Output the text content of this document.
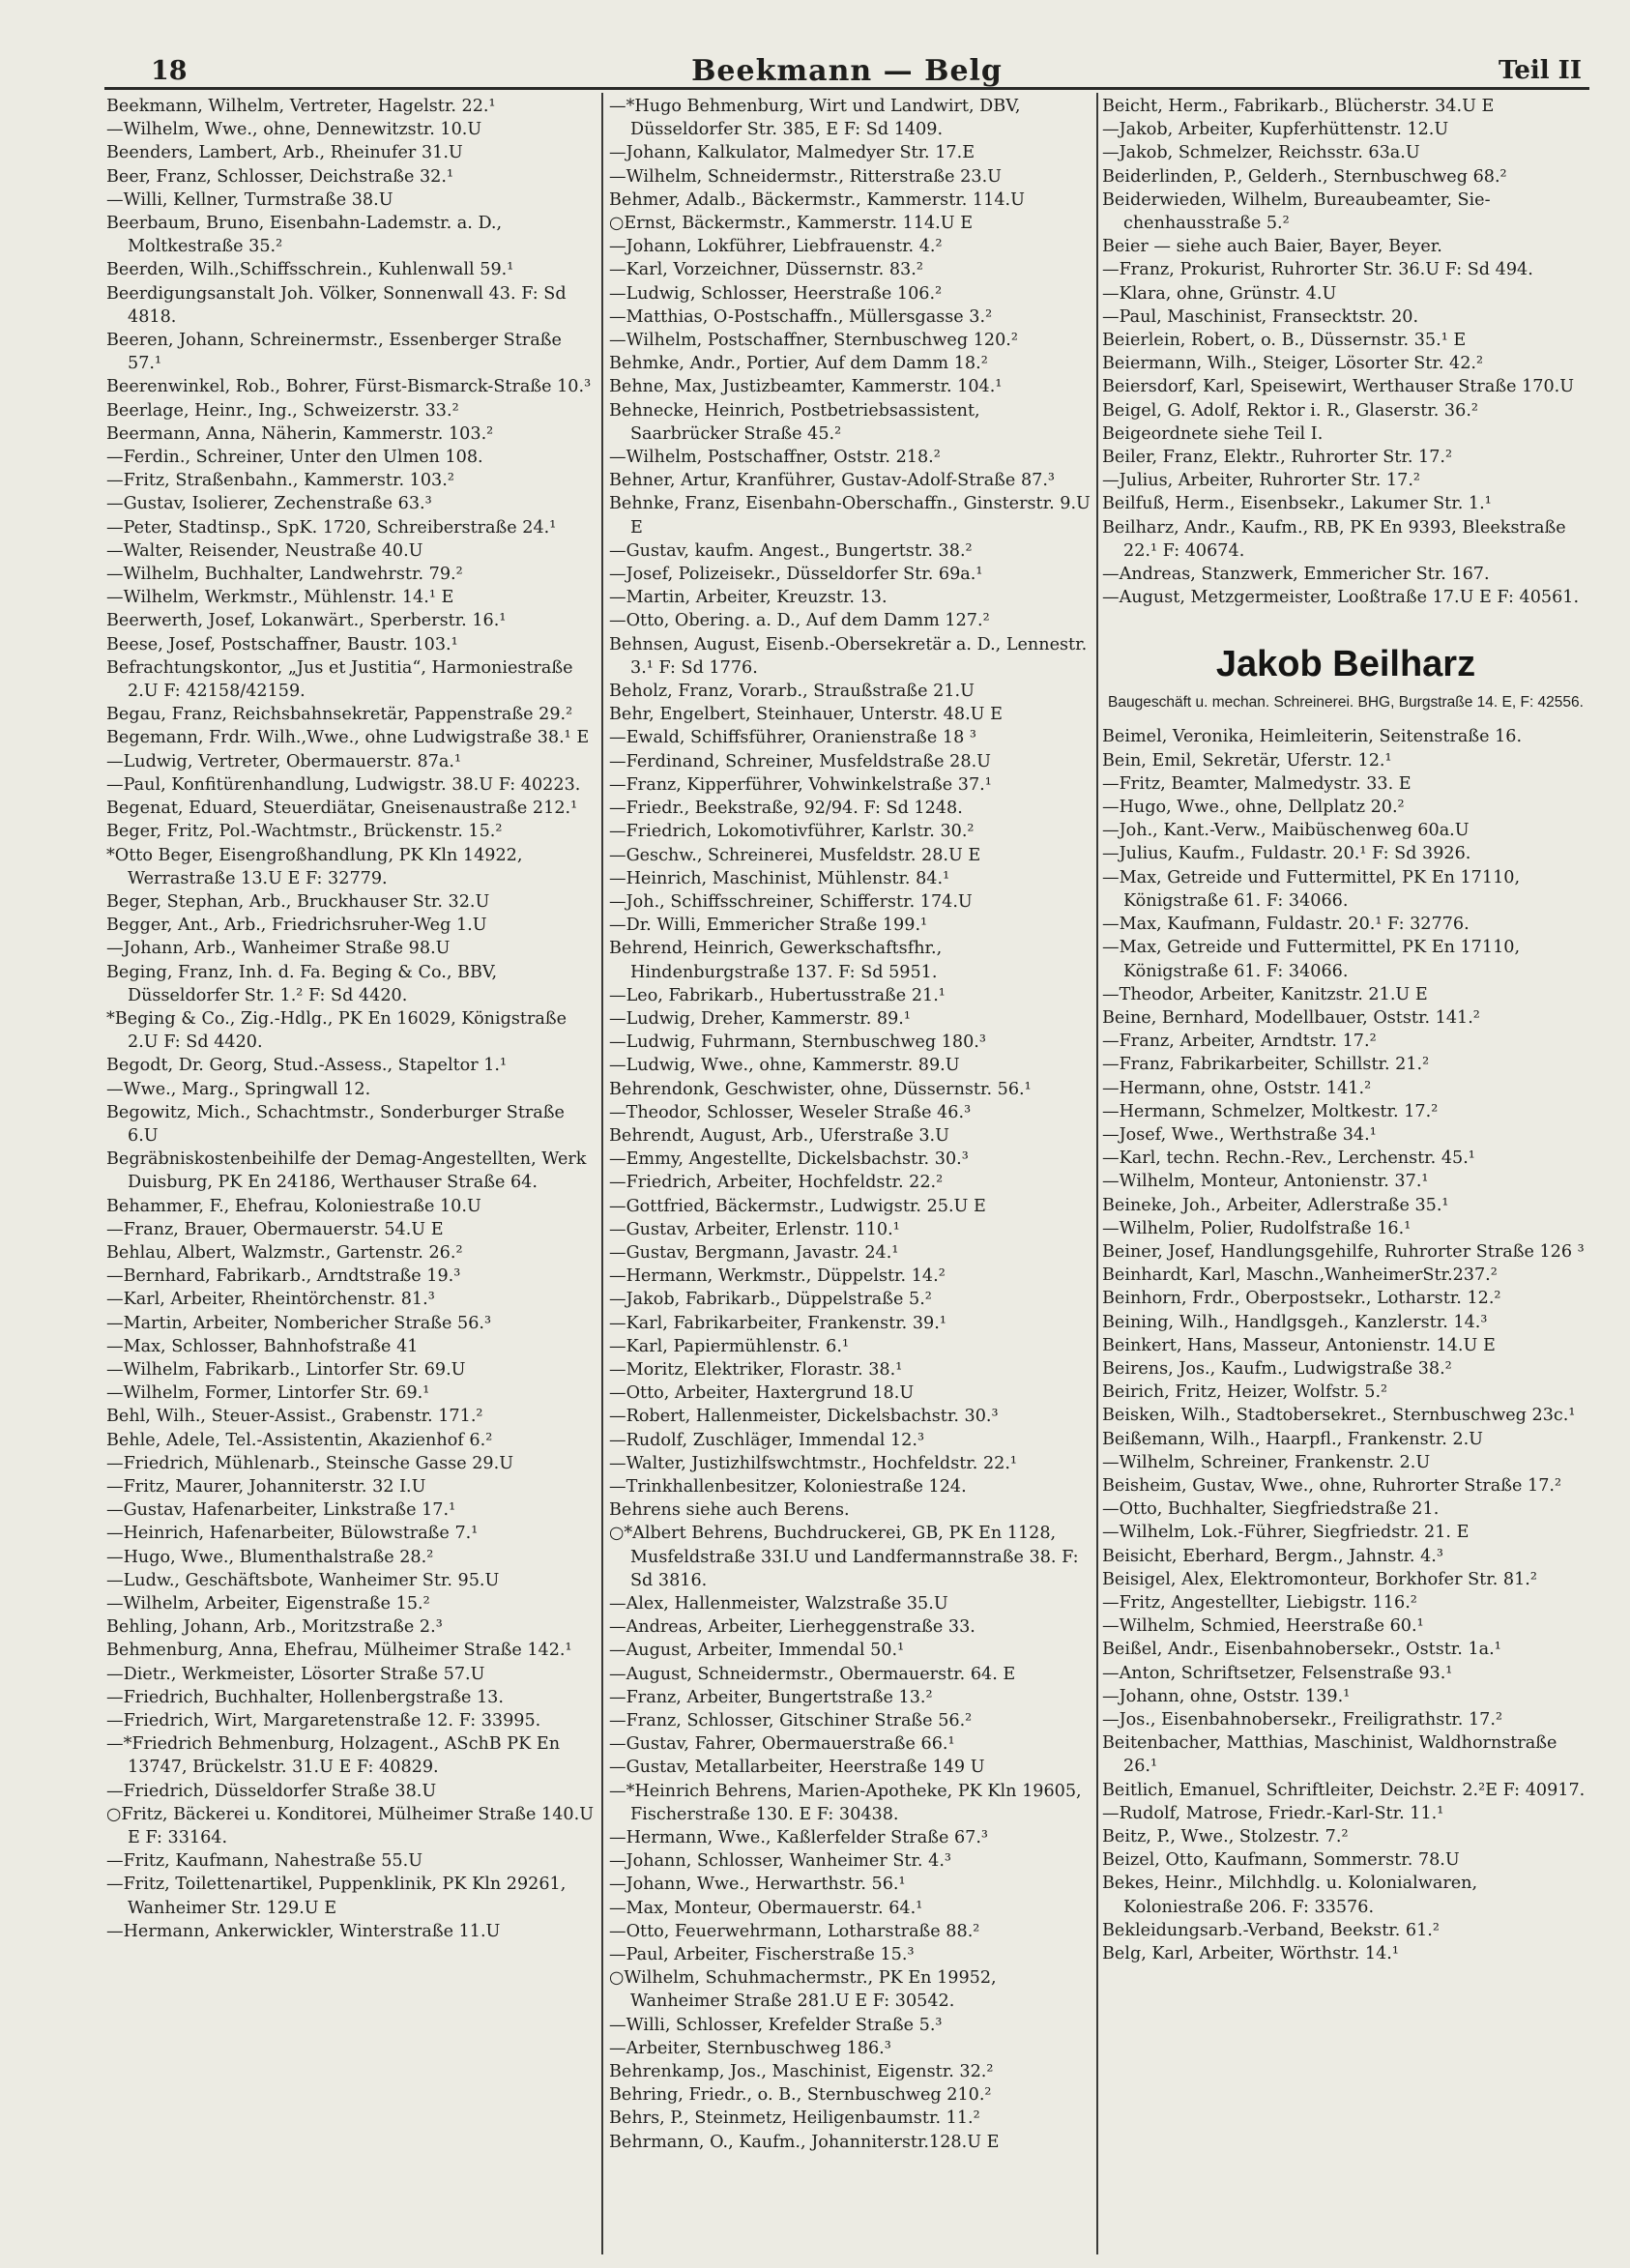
18	Beekmann — Belg	Teil II

Beekmann, Wilhelm, Vertreter, Hagelstr. 22.¹

—Wilhelm, Wwe., ohne, Dennewitzstr. 10.U

Beenders, Lambert, Arb., Rheinufer 31.U

Beer, Franz, Schlosser, Deichstraße 32.¹

—Willi, Kellner, Turmstraße 38.U

Beerbaum, Bruno, Eisenbahn-Lademstr. a. D., Moltkestraße 35.²

Beerden, Wilh.,Schiffsschrein., Kuhlenwall 59.¹

Beerdigungsanstalt Joh. Völker, Sonnenwall 43. F: Sd 4818.

Beeren, Johann, Schreinermstr., Essenberger Straße 57.¹

Beerenwinkel, Rob., Bohrer, Fürst-Bismarck-Straße 10.³

Beerlage, Heinr., Ing., Schweizerstr. 33.²

Beermann, Anna, Näherin, Kammerstr. 103.²

—Ferdin., Schreiner, Unter den Ulmen 108.

—Fritz, Straßenbahn., Kammerstr. 103.²

—Gustav, Isolierer, Zechenstraße 63.³

—Peter, Stadtinsp., SpK. 1720, Schreiberstraße 24.¹

—Walter, Reisender, Neustraße 40.U

—Wilhelm, Buchhalter, Landwehrstr. 79.²

—Wilhelm, Werkmstr., Mühlenstr. 14.¹ E

Beerwerth, Josef, Lokanwärt., Sperberstr. 16.¹

Beese, Josef, Postschaffner, Baustr. 103.¹

Befrachtungskontor, „Jus et Justitia“, Harmoniestraße 2.U F: 42158/42159.

Begau, Franz, Reichsbahnsekretär, Pappenstraße 29.²

Begemann, Frdr. Wilh.,Wwe., ohne Ludwigstraße 38.¹ E

—Ludwig, Vertreter, Obermauerstr. 87a.¹

—Paul, Konfitürenhandlung, Ludwigstr. 38.U F: 40223.

Begenat, Eduard, Steuerdiätar, Gneisenaustraße 212.¹

Beger, Fritz, Pol.-Wachtmstr., Brückenstr. 15.²

*Otto Beger, Eisengroßhandlung, PK Kln 14922, Werrastraße 13.U E F: 32779.

Beger, Stephan, Arb., Bruckhauser Str. 32.U

Begger, Ant., Arb., Friedrichsruher-Weg 1.U

—Johann, Arb., Wanheimer Straße 98.U

Beging, Franz, Inh. d. Fa. Beging & Co., BBV, Düsseldorfer Str. 1.² F: Sd 4420.

*Beging & Co., Zig.-Hdlg., PK En 16029, Königstraße 2.U F: Sd 4420.

Begodt, Dr. Georg, Stud.-Assess., Stapeltor 1.¹

—Wwe., Marg., Springwall 12.

Begowitz, Mich., Schachtmstr., Sonderburger Straße 6.U

Begräbniskostenbeihilfe der Demag-Angestellten, Werk Duisburg, PK En 24186, Werthauser Straße 64.

Behammer, F., Ehefrau, Koloniestraße 10.U

—Franz, Brauer, Obermauerstr. 54.U E

Behlau, Albert, Walzmstr., Gartenstr. 26.²

—Bernhard, Fabrikarb., Arndtstraße 19.³

—Karl, Arbeiter, Rheintörchenstr. 81.³

—Martin, Arbeiter, Nombericher Straße 56.³

—Max, Schlosser, Bahnhofstraße 41

—Wilhelm, Fabrikarb., Lintorfer Str. 69.U

—Wilhelm, Former, Lintorfer Str. 69.¹

Behl, Wilh., Steuer-Assist., Grabenstr. 171.²

Behle, Adele, Tel.-Assistentin, Akazienhof 6.²

—Friedrich, Mühlenarb., Steinsche Gasse 29.U

—Fritz, Maurer, Johanniterstr. 32 I.U

—Gustav, Hafenarbeiter, Linkstraße 17.¹

—Heinrich, Hafenarbeiter, Bülowstraße 7.¹

—Hugo, Wwe., Blumenthalstraße 28.²

—Ludw., Geschäftsbote, Wanheimer Str. 95.U

—Wilhelm, Arbeiter, Eigenstraße 15.²

Behling, Johann, Arb., Moritzstraße 2.³

Behmenburg, Anna, Ehefrau, Mülheimer Straße 142.¹

—Dietr., Werkmeister, Lösorter Straße 57.U

—Friedrich, Buchhalter, Hollenbergstraße 13.

—Friedrich, Wirt, Margaretenstraße 12. F: 33995.

—*Friedrich Behmenburg, Holzagent., ASchB PK En 13747, Brückelstr. 31.U E F: 40829.

—Friedrich, Düsseldorfer Straße 38.U

○Fritz, Bäckerei u. Konditorei, Mülheimer Straße 140.U E F: 33164.

—Fritz, Kaufmann, Nahestraße 55.U

—Fritz, Toilettenartikel, Puppenklinik, PK Kln 29261, Wanheimer Str. 129.U E

—Hermann, Ankerwickler, Winterstraße 11.U

—*Hugo Behmenburg, Wirt und Landwirt, DBV, Düsseldorfer Str. 385, E F: Sd 1409.

—Johann, Kalkulator, Malmedyer Str. 17.E

—Wilhelm, Schneidermstr., Ritterstraße 23.U

Behmer, Adalb., Bäckermstr., Kammerstr. 114.U

○Ernst, Bäckermstr., Kammerstr. 114.U E

—Johann, Lokführer, Liebfrauenstr. 4.²

—Karl, Vorzeichner, Düssernstr. 83.²

—Ludwig, Schlosser, Heerstraße 106.²

—Matthias, O-Postschaffn., Müllersgasse 3.²

—Wilhelm, Postschaffner, Sternbuschweg 120.²

Behmke, Andr., Portier, Auf dem Damm 18.²

Behne, Max, Justizbeamter, Kammerstr. 104.¹

Behnecke, Heinrich, Postbetriebsassistent, Saarbrücker Straße 45.²

—Wilhelm, Postschaffner, Oststr. 218.²

Behner, Artur, Kranführer, Gustav-Adolf-Straße 87.³

Behnke, Franz, Eisenbahn-Oberschaffn., Ginsterstr. 9.U E

—Gustav, kaufm. Angest., Bungertstr. 38.²

—Josef, Polizeisekr., Düsseldorfer Str. 69a.¹

—Martin, Arbeiter, Kreuzstr. 13.

—Otto, Obering. a. D., Auf dem Damm 127.²

Behnsen, August, Eisenb.-Obersekretär a. D., Lennestr. 3.¹ F: Sd 1776.

Beholz, Franz, Vorarb., Straußstraße 21.U

Behr, Engelbert, Steinhauer, Unterstr. 48.U E

—Ewald, Schiffsführer, Oranienstraße 18 ³

—Ferdinand, Schreiner, Musfeldstraße 28.U

—Franz, Kipperführer, Vohwinkelstraße 37.¹

—Friedr., Beekstraße, 92/94. F: Sd 1248.

—Friedrich, Lokomotivführer, Karlstr. 30.²

—Geschw., Schreinerei, Musfeldstr. 28.U E

—Heinrich, Maschinist, Mühlenstr. 84.¹

—Joh., Schiffsschreiner, Schifferstr. 174.U

—Dr. Willi, Emmericher Straße 199.¹

Behrend, Heinrich, Gewerkschaftsfhr., Hindenburgstraße 137. F: Sd 5951.

—Leo, Fabrikarb., Hubertusstraße 21.¹

—Ludwig, Dreher, Kammerstr. 89.¹

—Ludwig, Fuhrmann, Sternbuschweg 180.³

—Ludwig, Wwe., ohne, Kammerstr. 89.U

Behrendonk, Geschwister, ohne, Düssernstr. 56.¹

—Theodor, Schlosser, Weseler Straße 46.³

Behrendt, August, Arb., Uferstraße 3.U

—Emmy, Angestellte, Dickelsbachstr. 30.³

—Friedrich, Arbeiter, Hochfeldstr. 22.²

—Gottfried, Bäckermstr., Ludwigstr. 25.U E

—Gustav, Arbeiter, Erlenstr. 110.¹

—Gustav, Bergmann, Javastr. 24.¹

—Hermann, Werkmstr., Düppelstr. 14.²

—Jakob, Fabrikarb., Düppelstraße 5.²

—Karl, Fabrikarbeiter, Frankenstr. 39.¹

—Karl, Papiermühlenstr. 6.¹

—Moritz, Elektriker, Florastr. 38.¹

—Otto, Arbeiter, Haxtergrund 18.U

—Robert, Hallenmeister, Dickelsbachstr. 30.³

—Rudolf, Zuschläger, Immendal 12.³

—Walter, Justizhilfswchtmstr., Hochfeldstr. 22.¹

—Trinkhallenbesitzer, Koloniestraße 124.

Behrens siehe auch Berens.

○*Albert Behrens, Buchdruckerei, GB, PK En 1128, Musfeldstraße 33I.U und Landfermannstraße 38. F: Sd 3816.

—Alex, Hallenmeister, Walzstraße 35.U

—Andreas, Arbeiter, Lierheggenstraße 33.

—August, Arbeiter, Immendal 50.¹

—August, Schneidermstr., Obermauerstr. 64. E

—Franz, Arbeiter, Bungertstraße 13.²

—Franz, Schlosser, Gitschiner Straße 56.²

—Gustav, Fahrer, Obermauerstraße 66.¹

—Gustav, Metallarbeiter, Heerstraße 149 U

—*Heinrich Behrens, Marien-Apotheke, PK Kln 19605, Fischerstraße 130. E F: 30438.

—Hermann, Wwe., Kaßlerfelder Straße 67.³

—Johann, Schlosser, Wanheimer Str. 4.³

—Johann, Wwe., Herwarthstr. 56.¹

—Max, Monteur, Obermauerstr. 64.¹

—Otto, Feuerwehrmann, Lotharstraße 88.²

—Paul, Arbeiter, Fischerstraße 15.³

○Wilhelm, Schuhmachermstr., PK En 19952, Wanheimer Straße 281.U E F: 30542.

—Willi, Schlosser, Krefelder Straße 5.³

—Arbeiter, Sternbuschweg 186.³

Behrenkamp, Jos., Maschinist, Eigenstr. 32.²

Behring, Friedr., o. B., Sternbuschweg 210.²

Behrs, P., Steinmetz, Heiligenbaumstr. 11.²

Behrmann, O., Kaufm., Johanniterstr.128.U E

Beicht, Herm., Fabrikarb., Blücherstr. 34.U E

—Jakob, Arbeiter, Kupferhüttenstr. 12.U

—Jakob, Schmelzer, Reichsstr. 63a.U

Beiderlinden, P., Gelderh., Sternbuschweg 68.²

Beiderwieden, Wilhelm, Bureaubeamter, Sie-chenhausstraße 5.²

Beier — siehe auch Baier, Bayer, Beyer.

—Franz, Prokurist, Ruhrorter Str. 36.U F: Sd 494.

—Klara, ohne, Grünstr. 4.U

—Paul, Maschinist, Fransecktstr. 20.

Beierlein, Robert, o. B., Düssernstr. 35.¹ E

Beiermann, Wilh., Steiger, Lösorter Str. 42.²

Beiersdorf, Karl, Speisewirt, Werthauser Straße 170.U

Beigel, G. Adolf, Rektor i. R., Glaserstr. 36.²

Beigeordnete siehe Teil I.

Beiler, Franz, Elektr., Ruhrorter Str. 17.²

—Julius, Arbeiter, Ruhrorter Str. 17.²

Beilfuß, Herm., Eisenbsekr., Lakumer Str. 1.¹

Beilharz, Andr., Kaufm., RB, PK En 9393, Bleekstraße 22.¹ F: 40674.

—Andreas, Stanzwerk, Emmericher Str. 167.

—August, Metzgermeister, Looßtraße 17.U E F: 40561.

Jakob Beilharz
Baugeschäft u. mechan. Schreinerei. BHG, Burgstraße 14. E, F: 42556.

Beimel, Veronika, Heimleiterin, Seitenstraße 16.

Bein, Emil, Sekretär, Uferstr. 12.¹

—Fritz, Beamter, Malmedystr. 33. E

—Hugo, Wwe., ohne, Dellplatz 20.²

—Joh., Kant.-Verw., Maibüschenweg 60a.U

—Julius, Kaufm., Fuldastr. 20.¹ F: Sd 3926.

—Max, Getreide und Futtermittel, PK En 17110, Königstraße 61. F: 34066.

—Max, Kaufmann, Fuldastr. 20.¹ F: 32776.

—Max, Getreide und Futtermittel, PK En 17110, Königstraße 61. F: 34066.

—Theodor, Arbeiter, Kanitzstr. 21.U E

Beine, Bernhard, Modellbauer, Oststr. 141.²

—Franz, Arbeiter, Arndtstr. 17.²

—Franz, Fabrikarbeiter, Schillstr. 21.²

—Hermann, ohne, Oststr. 141.²

—Hermann, Schmelzer, Moltkestr. 17.²

—Josef, Wwe., Werthstraße 34.¹

—Karl, techn. Rechn.-Rev., Lerchenstr. 45.¹

—Wilhelm, Monteur, Antonienstr. 37.¹

Beineke, Joh., Arbeiter, Adlerstraße 35.¹

—Wilhelm, Polier, Rudolfstraße 16.¹

Beiner, Josef, Handlungsgehilfe, Ruhrorter Straße 126 ³

Beinhardt, Karl, Maschn.,WanheimerStr.237.²

Beinhorn, Frdr., Oberpostsekr., Lotharstr. 12.²

Beining, Wilh., Handlgsgeh., Kanzlerstr. 14.³

Beinkert, Hans, Masseur, Antonienstr. 14.U E

Beirens, Jos., Kaufm., Ludwigstraße 38.²

Beirich, Fritz, Heizer, Wolfstr. 5.²

Beisken, Wilh., Stadtobersekret., Sternbuschweg 23c.¹

Beißemann, Wilh., Haarpfl., Frankenstr. 2.U

—Wilhelm, Schreiner, Frankenstr. 2.U

Beisheim, Gustav, Wwe., ohne, Ruhrorter Straße 17.²

—Otto, Buchhalter, Siegfriedstraße 21.

—Wilhelm, Lok.-Führer, Siegfriedstr. 21. E

Beisicht, Eberhard, Bergm., Jahnstr. 4.³

Beisigel, Alex, Elektromonteur, Borkhofer Str. 81.²

—Fritz, Angestellter, Liebigstr. 116.²

—Wilhelm, Schmied, Heerstraße 60.¹

Beißel, Andr., Eisenbahnobersekr., Oststr. 1a.¹

—Anton, Schriftsetzer, Felsenstraße 93.¹

—Johann, ohne, Oststr. 139.¹

—Jos., Eisenbahnobersekr., Freiligrathstr. 17.²

Beitenbacher, Matthias, Maschinist, Waldhornstraße 26.¹

Beitlich, Emanuel, Schriftleiter, Deichstr. 2.²E F: 40917.

—Rudolf, Matrose, Friedr.-Karl-Str. 11.¹

Beitz, P., Wwe., Stolzestr. 7.²

Beizel, Otto, Kaufmann, Sommerstr. 78.U

Bekes, Heinr., Milchhdlg. u. Kolonialwaren, Koloniestraße 206. F: 33576.

Bekleidungsarb.-Verband, Beekstr. 61.²

Belg, Karl, Arbeiter, Wörthstr. 14.¹
